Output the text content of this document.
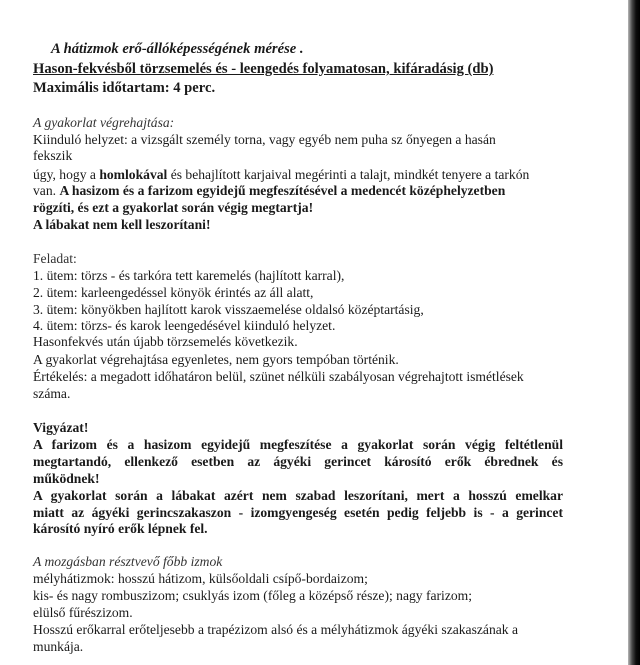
A hátizmok erő-állóképességének mérése .
Hason-fekvésből törzsemelés és - leengedés folyamatosan, kifáradásig (db)
Maximális időtartam: 4 perc.
A gyakorlat végrehajtása:
Kiinduló helyzet: a vizsgált személy torna, vagy egyéb nem puha sz őnyegen a hasán
fekszik
úgy, hogy a homlokával és behajlított karjaival megérinti a talajt, mindkét tenyere a tarkón
van. A hasizom és a farizom egyidejű megfeszítésével a medencét középhelyzetben
rögzíti, és ezt a gyakorlat során végig megtartja!
A lábakat nem kell leszorítani!
Feladat:
1. ütem: törzs - és tarkóra tett karemelés (hajlított karral),
2. ütem: karleengedéssel könyök érintés az áll alatt,
3. ütem: könyökben hajlított karok visszaemelése oldalsó középtartásig,
4. ütem: törzs- és karok leengedésével kiinduló helyzet.
Hasonfekvés után újabb törzsemelés következik.
A gyakorlat végrehajtása egyenletes, nem gyors tempóban történik.
Értékelés: a megadott időhatáron belül, szünet nélküli szabályosan végrehajtott ismétlések
száma.
Vigyázat!
A farizom és a hasizom egyidejű megfeszítése a gyakorlat során végig feltétlenül
megtartandó, ellenkező esetben az ágyéki gerincet károsító erők ébrednek és
működnek!
A gyakorlat során a lábakat azért nem szabad leszorítani, mert a hosszú emelkar
miatt az ágyéki gerincszakaszon - izomgyengeség esetén pedig feljebb is - a gerincet
károsító nyíró erők lépnek fel.
A mozgásban résztvevő főbb izmok
mélyhátizmok: hosszú hátizom, külsőoldali csípő-bordaizom;
kis- és nagy rombuszizom; csuklyás izom (főleg a középső része); nagy farizom;
elülső fűrészizom.
Hosszú erőkarral erőteljesebb a trapézizom alsó és a mélyhátizmok ágyéki szakaszának a
munkája.
